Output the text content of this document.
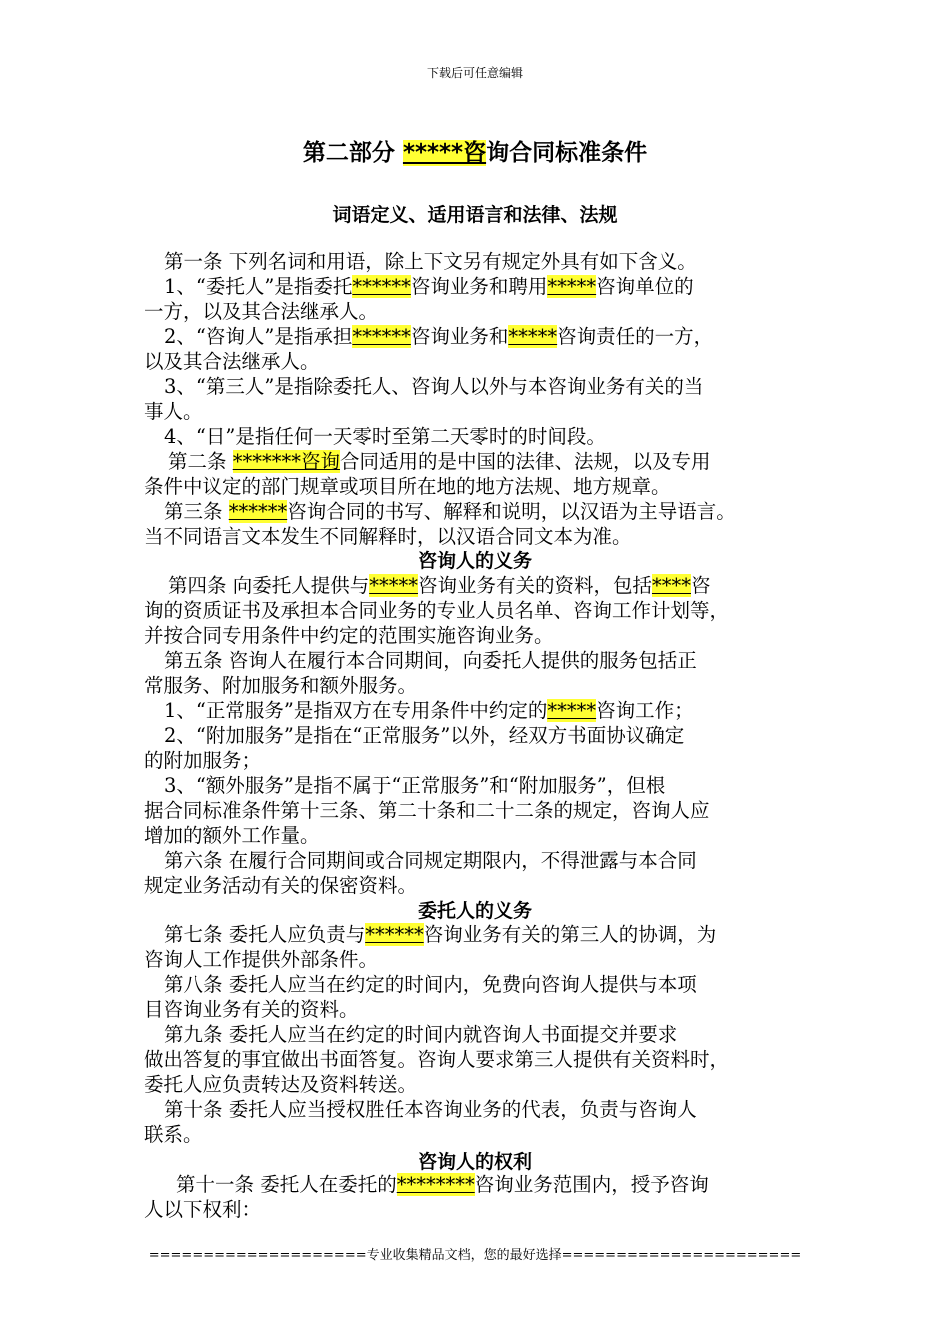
下载后可任意编辑
第二部分 *****咨询合同标准条件
词语定义、适用语言和法律、法规
第一条 下列名词和用语，除上下文另有规定外具有如下含义。
1、“委托人”是指委托******咨询业务和聘用*****咨询单位的
一方，以及其合法继承人。
2、“咨询人”是指承担******咨询业务和*****咨询责任的一方，
以及其合法继承人。
3、“第三人”是指除委托人、咨询人以外与本咨询业务有关的当
事人。
4、“日”是指任何一天零时至第二天零时的时间段。
第二条 *******咨询合同适用的是中国的法律、法规，以及专用
条件中议定的部门规章或项目所在地的地方法规、地方规章。
第三条 ******咨询合同的书写、解释和说明，以汉语为主导语言。
当不同语言文本发生不同解释时，以汉语合同文本为准。
第四条 向委托人提供与*****咨询业务有关的资料，包括****咨
询的资质证书及承担本合同业务的专业人员名单、咨询工作计划等，
并按合同专用条件中约定的范围实施咨询业务。
第五条 咨询人在履行本合同期间，向委托人提供的服务包括正
常服务、附加服务和额外服务。
1、“正常服务”是指双方在专用条件中约定的*****咨询工作；
2、“附加服务”是指在“正常服务”以外，经双方书面协议确定
的附加服务；
3、“额外服务”是指不属于“正常服务”和“附加服务”，但根
据合同标准条件第十三条、第二十条和二十二条的规定，咨询人应
增加的额外工作量。
第六条 在履行合同期间或合同规定期限内，不得泄露与本合同
规定业务活动有关的保密资料。
第七条 委托人应负责与******咨询业务有关的第三人的协调，为
咨询人工作提供外部条件。
第八条 委托人应当在约定的时间内，免费向咨询人提供与本项
目咨询业务有关的资料。
第九条 委托人应当在约定的时间内就咨询人书面提交并要求
做出答复的事宜做出书面答复。咨询人要求第三人提供有关资料时，
委托人应负责转达及资料转送。
第十条 委托人应当授权胜任本咨询业务的代表，负责与咨询人
联系。
第十一条 委托人在委托的********咨询业务范围内，授予咨询
人以下权利：
咨询人的义务
委托人的义务
咨询人的权利
====================专业收集精品文档，您的最好选择======================
